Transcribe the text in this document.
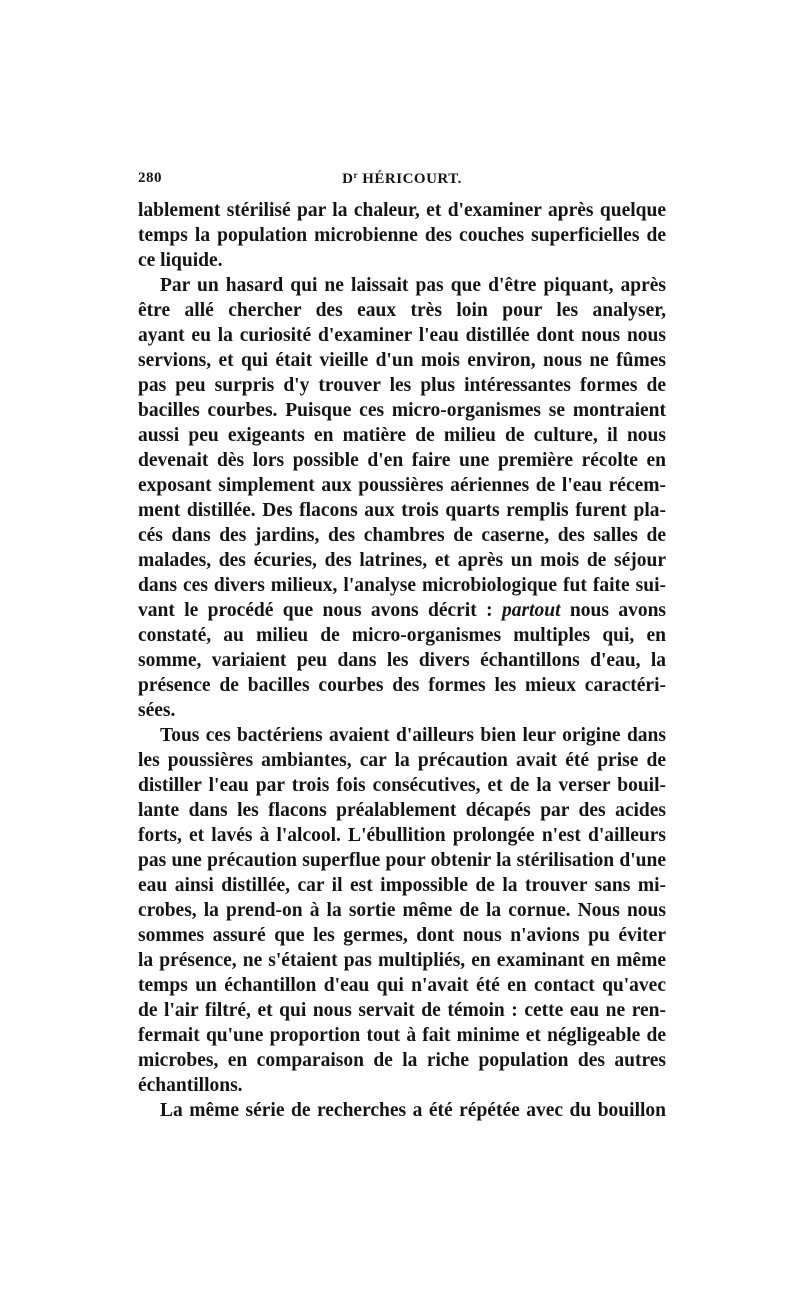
280	$D^r$ HÉRICOURT.
lablement stérilisé par la chaleur, et d'examiner après quelque
temps la population microbienne des couches superficielles de
ce liquide.
Par un hasard qui ne laissait pas que d'être piquant, après
être allé chercher des eaux très loin pour les analyser,
ayant eu la curiosité d'examiner l'eau distillée dont nous nous
servions, et qui était vieille d'un mois environ, nous ne fûmes
pas peu surpris d'y trouver les plus intéressantes formes de
bacilles courbes. Puisque ces micro-organismes se montraient
aussi peu exigeants en matière de milieu de culture, il nous
devenait dès lors possible d'en faire une première récolte en
exposant simplement aux poussières aériennes de l'eau récem-
ment distillée. Des flacons aux trois quarts remplis furent pla-
cés dans des jardins, des chambres de caserne, des salles de
malades, des écuries, des latrines, et après un mois de séjour
dans ces divers milieux, l'analyse microbiologique fut faite sui-
vant le procédé que nous avons décrit : partout nous avons
constaté, au milieu de micro-organismes multiples qui, en
somme, variaient peu dans les divers échantillons d'eau, la
présence de bacilles courbes des formes les mieux caractéri-
sées.
Tous ces bactériens avaient d'ailleurs bien leur origine dans
les poussières ambiantes, car la précaution avait été prise de
distiller l'eau par trois fois consécutives, et de la verser bouil-
lante dans les flacons préalablement décapés par des acides
forts, et lavés à l'alcool. L'ébullition prolongée n'est d'ailleurs
pas une précaution superflue pour obtenir la stérilisation d'une
eau ainsi distillée, car il est impossible de la trouver sans mi-
crobes, la prend-on à la sortie même de la cornue. Nous nous
sommes assuré que les germes, dont nous n'avions pu éviter
la présence, ne s'étaient pas multipliés, en examinant en même
temps un échantillon d'eau qui n'avait été en contact qu'avec
de l'air filtré, et qui nous servait de témoin : cette eau ne ren-
fermait qu'une proportion tout à fait minime et négligeable de
microbes, en comparaison de la riche population des autres
échantillons.
La même série de recherches a été répétée avec du bouillon
